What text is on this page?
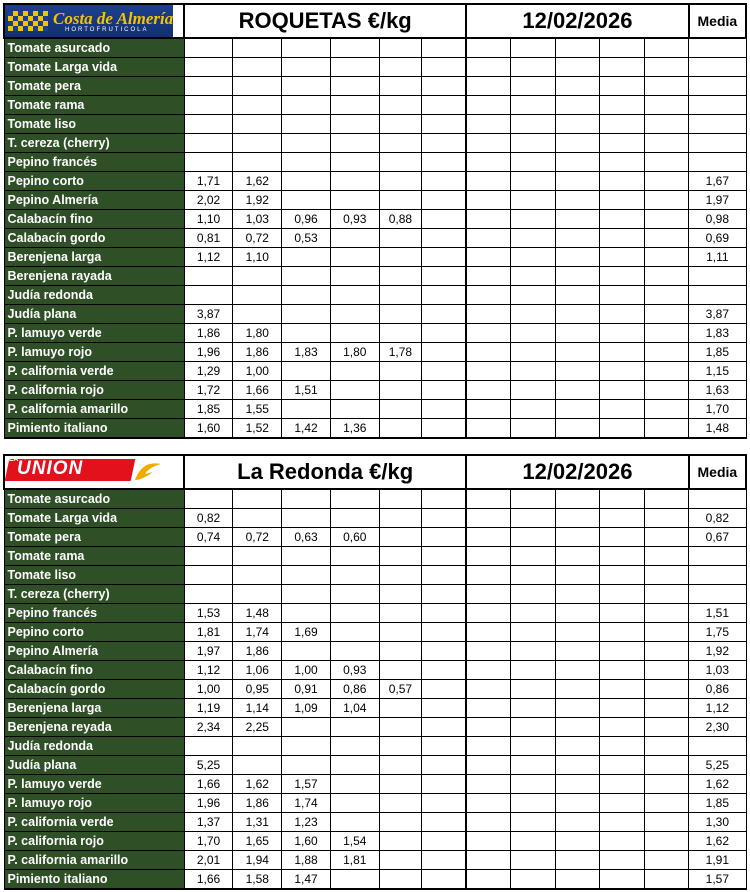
Costa de Almería
HORTOFRUTICOLA	ROQUETAS €/kg						12/02/2026					Media
Tomate asurcado												
Tomate Larga vida												
Tomate pera												
Tomate rama												
Tomate liso												
T. cereza (cherry)												
Pepino francés												
Pepino corto	1,71	1,62										1,67
Pepino Almería	2,02	1,92										1,97
Calabacín fino	1,10	1,03	0,96	0,93	0,88							0,98
Calabacín gordo	0,81	0,72	0,53									0,69
Berenjena larga	1,12	1,10										1,11
Berenjena rayada												
Judía redonda												
Judía plana	3,87											3,87
P. lamuyo verde	1,86	1,80										1,83
P. lamuyo rojo	1,96	1,86	1,83	1,80	1,78							1,85
P. california verde	1,29	1,00										1,15
P. california rojo	1,72	1,66	1,51									1,63
P. california amarillo	1,85	1,55										1,70
Pimiento italiano	1,60	1,52	1,42	1,36								1,48
LA
ÚNION	La Redonda €/kg						12/02/2026					Media
Tomate asurcado												
Tomate Larga vida	0,82											0,82
Tomate pera	0,74	0,72	0,63	0,60								0,67
Tomate rama												
Tomate liso												
T. cereza (cherry)												
Pepino francés	1,53	1,48										1,51
Pepino corto	1,81	1,74	1,69									1,75
Pepino Almería	1,97	1,86										1,92
Calabacín fino	1,12	1,06	1,00	0,93								1,03
Calabacín gordo	1,00	0,95	0,91	0,86	0,57							0,86
Berenjena larga	1,19	1,14	1,09	1,04								1,12
Berenjena reyada	2,34	2,25										2,30
Judía redonda												
Judía plana	5,25											5,25
P. lamuyo verde	1,66	1,62	1,57									1,62
P. lamuyo rojo	1,96	1,86	1,74									1,85
P. california verde	1,37	1,31	1,23									1,30
P. california rojo	1,70	1,65	1,60	1,54								1,62
P. california amarillo	2,01	1,94	1,88	1,81								1,91
Pimiento italiano	1,66	1,58	1,47									1,57
